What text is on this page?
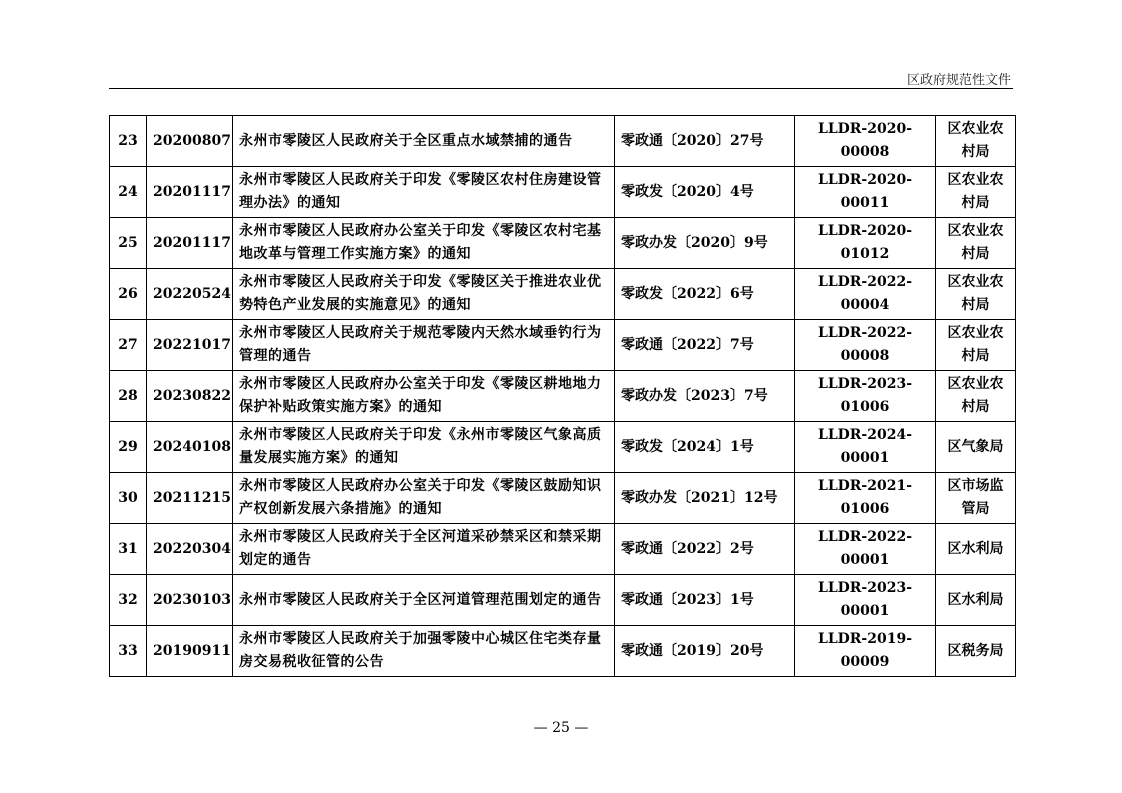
区政府规范性文件
23	20200807	永州市零陵区人民政府关于全区重点水域禁捕的通告	零政通〔2020〕27号	LLDR-2020-00008	区农业农村局
24	20201117	永州市零陵区人民政府关于印发《零陵区农村住房建设管理办法》的通知	零政发〔2020〕4号	LLDR-2020-00011	区农业农村局
25	20201117	永州市零陵区人民政府办公室关于印发《零陵区农村宅基地改革与管理工作实施方案》的通知	零政办发〔2020〕9号	LLDR-2020-01012	区农业农村局
26	20220524	永州市零陵区人民政府关于印发《零陵区关于推进农业优势特色产业发展的实施意见》的通知	零政发〔2022〕6号	LLDR-2022-00004	区农业农村局
27	20221017	永州市零陵区人民政府关于规范零陵内天然水域垂钓行为管理的通告	零政通〔2022〕7号	LLDR-2022-00008	区农业农村局
28	20230822	永州市零陵区人民政府办公室关于印发《零陵区耕地地力保护补贴政策实施方案》的通知	零政办发〔2023〕7号	LLDR-2023-01006	区农业农村局
29	20240108	永州市零陵区人民政府关于印发《永州市零陵区气象高质量发展实施方案》的通知	零政发〔2024〕1号	LLDR-2024-00001	区气象局
30	20211215	永州市零陵区人民政府办公室关于印发《零陵区鼓励知识产权创新发展六条措施》的通知	零政办发〔2021〕12号	LLDR-2021-01006	区市场监管局
31	20220304	永州市零陵区人民政府关于全区河道采砂禁采区和禁采期划定的通告	零政通〔2022〕2号	LLDR-2022-00001	区水利局
32	20230103	永州市零陵区人民政府关于全区河道管理范围划定的通告	零政通〔2023〕1号	LLDR-2023-00001	区水利局
33	20190911	永州市零陵区人民政府关于加强零陵中心城区住宅类存量房交易税收征管的公告	零政通〔2019〕20号	LLDR-2019-00009	区税务局
— 25 —
